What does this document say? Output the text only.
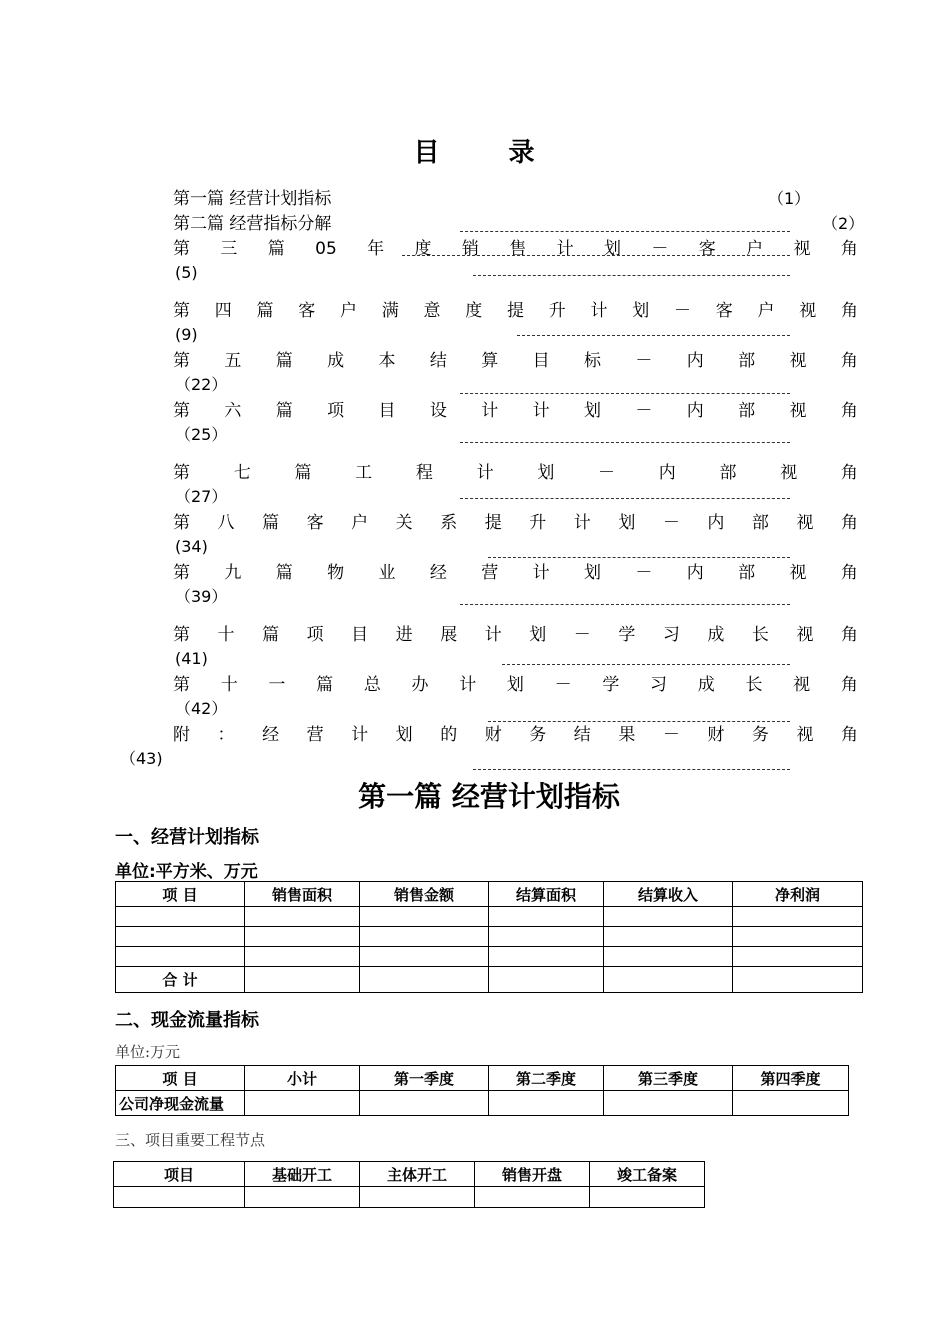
目 录
第一篇 经营计划指标	（1）
第二篇 经营指标分解	（2）
第 三 篇 05 年 度 销 售 计 划 － 客 户 视 角
(5)
第 四 篇 客 户 满 意 度 提 升 计 划 － 客 户 视 角
(9)
第 五 篇 成 本 结 算 目 标 － 内 部 视 角
（22）
第 六 篇 项 目 设 计 计 划 － 内 部 视 角
（25）
第	七	篇	工	程	计	划	－	内	部	视	角
（27）
第 八 篇 客 户 关 系 提 升 计 划 － 内 部 视 角
(34)
第 九 篇 物 业 经 营 计 划 － 内 部 视 角
（39）
第 十 篇 项 目 进 展 计 划 － 学 习 成 长 视 角
(41)
第 十 一 篇 总 办 计 划 － 学 习 成 长 视 角
（42）
附 ： 经 营 计 划 的 财 务 结 果 － 财 务 视 角
（43)
第一篇 经营计划指标
一、经营计划指标
单位:平方米、万元
项 目	销售面积	销售金额	结算面积	结算收入	净利润

合 计					
二、现金流量指标
单位:万元
项 目	小计	第一季度	第二季度	第三季度	第四季度
公司净现金流量					
三、项目重要工程节点
项目	基础开工	主体开工	销售开盘	竣工备案
